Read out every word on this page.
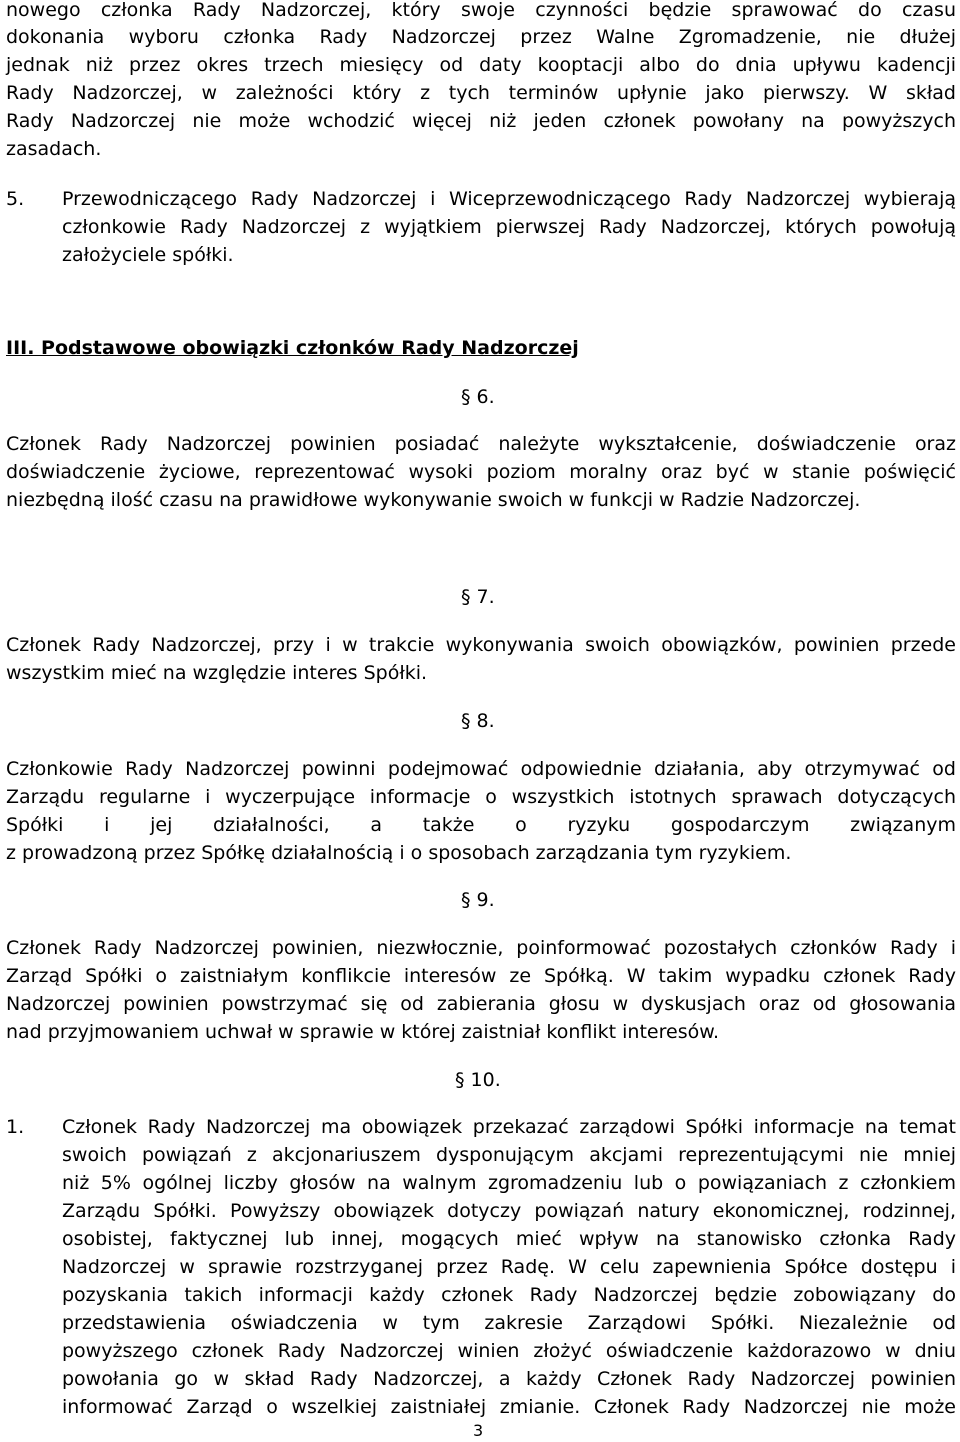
nowego członka Rady Nadzorczej, który swoje czynności będzie sprawować do czasu
dokonania wyboru członka Rady Nadzorczej przez Walne Zgromadzenie, nie dłużej
jednak niż przez okres trzech miesięcy od daty kooptacji albo do dnia upływu kadencji
Rady Nadzorczej, w zależności który z tych terminów upłynie jako pierwszy. W skład
Rady Nadzorczej nie może wchodzić więcej niż jeden członek powołany na powyższych
zasadach.
5. Przewodniczącego Rady Nadzorczej i Wiceprzewodniczącego Rady Nadzorczej wybierają
członkowie Rady Nadzorczej z wyjątkiem pierwszej Rady Nadzorczej, których powołują
założyciele spółki.
III. Podstawowe obowiązki członków Rady Nadzorczej
§ 6.
Członek Rady Nadzorczej powinien posiadać należyte wykształcenie, doświadczenie oraz
doświadczenie życiowe, reprezentować wysoki poziom moralny oraz być w stanie poświęcić
niezbędną ilość czasu na prawidłowe wykonywanie swoich w funkcji w Radzie Nadzorczej.
§ 7.
Członek Rady Nadzorczej, przy i w trakcie wykonywania swoich obowiązków, powinien przede
wszystkim mieć na względzie interes Spółki.
§ 8.
Członkowie Rady Nadzorczej powinni podejmować odpowiednie działania, aby otrzymywać od
Zarządu regularne i wyczerpujące informacje o wszystkich istotnych sprawach dotyczących
Spółki i jej działalności, a także o ryzyku gospodarczym związanym
z prowadzoną przez Spółkę działalnością i o sposobach zarządzania tym ryzykiem.
§ 9.
Członek Rady Nadzorczej powinien, niezwłocznie, poinformować pozostałych członków Rady i
Zarząd Spółki o zaistniałym konflikcie interesów ze Spółką. W takim wypadku członek Rady
Nadzorczej powinien powstrzymać się od zabierania głosu w dyskusjach oraz od głosowania
nad przyjmowaniem uchwał w sprawie w której zaistniał konflikt interesów.
§ 10.
1. Członek Rady Nadzorczej ma obowiązek przekazać zarządowi Spółki informacje na temat
swoich powiązań z akcjonariuszem dysponującym akcjami reprezentującymi nie mniej
niż 5% ogólnej liczby głosów na walnym zgromadzeniu lub o powiązaniach z członkiem
Zarządu Spółki. Powyższy obowiązek dotyczy powiązań natury ekonomicznej, rodzinnej,
osobistej, faktycznej lub innej, mogących mieć wpływ na stanowisko członka Rady
Nadzorczej w sprawie rozstrzyganej przez Radę. W celu zapewnienia Spółce dostępu i
pozyskania takich informacji każdy członek Rady Nadzorczej będzie zobowiązany do
przedstawienia oświadczenia w tym zakresie Zarządowi Spółki. Niezależnie od
powyższego członek Rady Nadzorczej winien złożyć oświadczenie każdorazowo w dniu
powołania go w skład Rady Nadzorczej, a każdy Członek Rady Nadzorczej powinien
informować Zarząd o wszelkiej zaistniałej zmianie. Członek Rady Nadzorczej nie może
3
